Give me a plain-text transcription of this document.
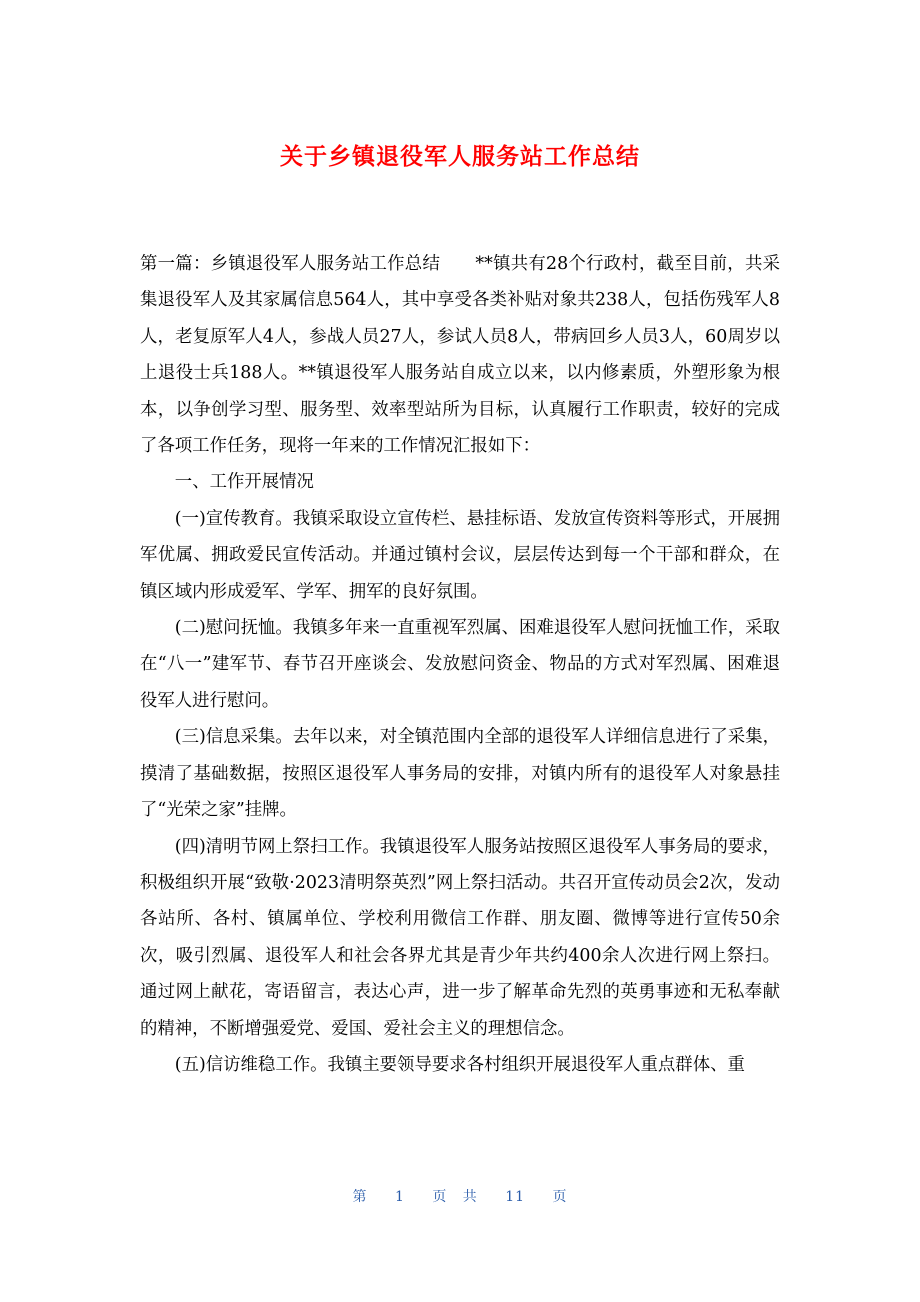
关于乡镇退役军人服务站工作总结

第一篇：乡镇退役军人服务站工作总结　　**镇共有28个行政村，截至目前，共采集退役军人及其家属信息564人，其中享受各类补贴对象共238人，包括伤残军人8人，老复原军人4人，参战人员27人，参试人员8人，带病回乡人员3人，60周岁以上退役士兵188人。**镇退役军人服务站自成立以来，以内修素质，外塑形象为根本，以争创学习型、服务型、效率型站所为目标，认真履行工作职责，较好的完成了各项工作任务，现将一年来的工作情况汇报如下：

一、工作开展情况

(一)宣传教育。我镇采取设立宣传栏、悬挂标语、发放宣传资料等形式，开展拥军优属、拥政爱民宣传活动。并通过镇村会议，层层传达到每一个干部和群众，在镇区域内形成爱军、学军、拥军的良好氛围。

(二)慰问抚恤。我镇多年来一直重视军烈属、困难退役军人慰问抚恤工作，采取在“八一”建军节、春节召开座谈会、发放慰问资金、物品的方式对军烈属、困难退役军人进行慰问。

(三)信息采集。去年以来，对全镇范围内全部的退役军人详细信息进行了采集，摸清了基础数据，按照区退役军人事务局的安排，对镇内所有的退役军人对象悬挂了“光荣之家”挂牌。

(四)清明节网上祭扫工作。我镇退役军人服务站按照区退役军人事务局的要求，积极组织开展“致敬·2023清明祭英烈”网上祭扫活动。共召开宣传动员会2次，发动各站所、各村、镇属单位、学校利用微信工作群、朋友圈、微博等进行宣传50余次，吸引烈属、退役军人和社会各界尤其是青少年共约400余人次进行网上祭扫。通过网上献花，寄语留言，表达心声，进一步了解革命先烈的英勇事迹和无私奉献的精神，不断增强爱党、爱国、爱社会主义的理想信念。

(五)信访维稳工作。我镇主要领导要求各村组织开展退役军人重点群体、重

第 1 页 共 11 页
